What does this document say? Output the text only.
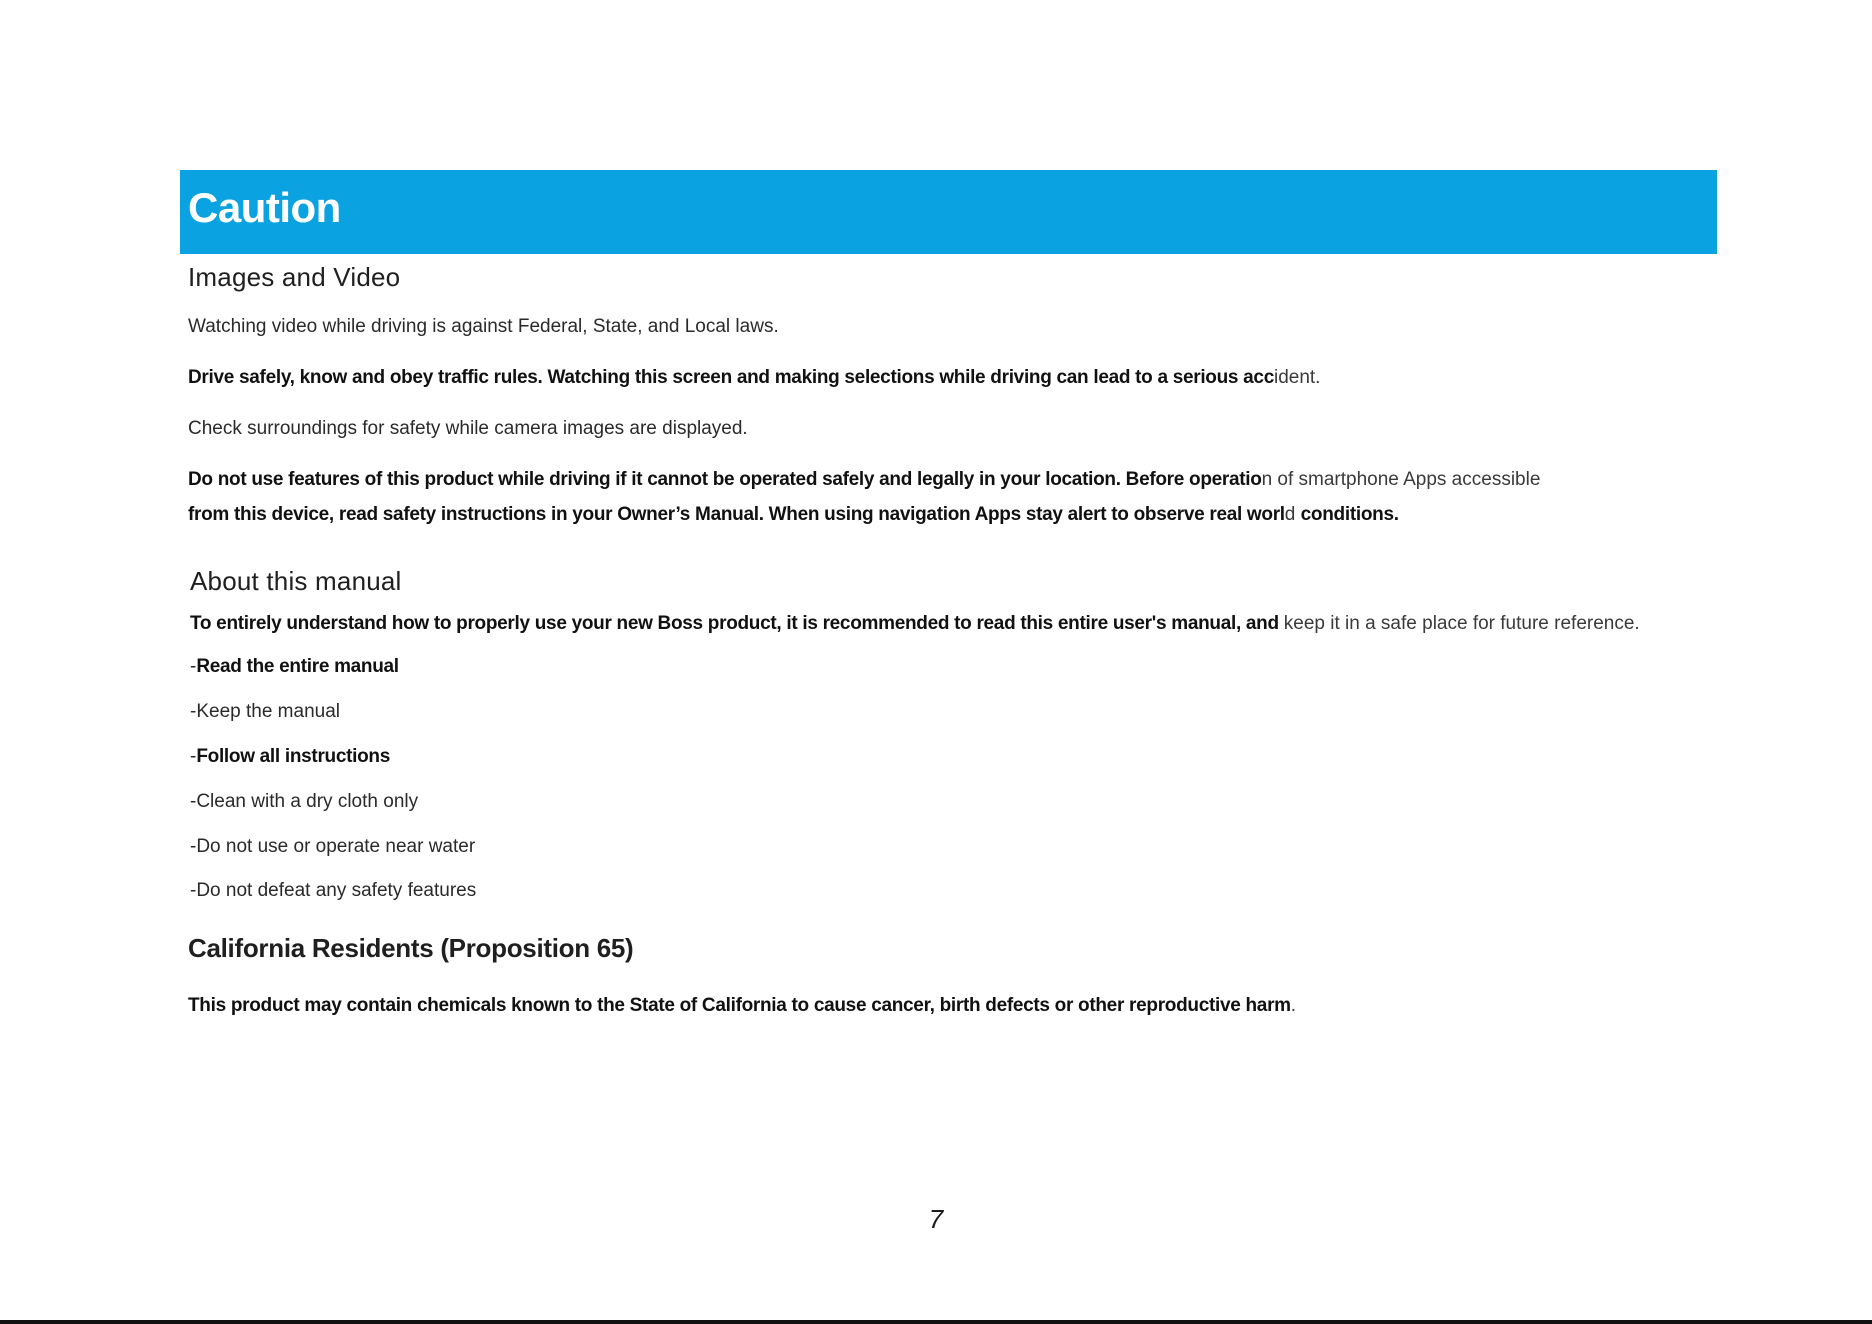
Caution
Images and Video

Watching video while driving is against Federal, State, and Local laws.

Drive safely, know and obey traffic rules. Watching this screen and making selections while driving can lead to a serious accident.

Check surroundings for safety while camera images are displayed.

Do not use features of this product while driving if it cannot be operated safely and legally in your location. Before operation of smartphone Apps accessible
from this device, read safety instructions in your Owner’s Manual. When using navigation Apps stay alert to observe real world conditions.

About this manual

To entirely understand how to properly use your new Boss product, it is recommended to read this entire user's manual, and keep it in a safe place for future reference.

-Read the entire manual

-Keep the manual

-Follow all instructions

-Clean with a dry cloth only

-Do not use or operate near water

-Do not defeat any safety features

California Residents (Proposition 65)

This product may contain chemicals known to the State of California to cause cancer, birth defects or other reproductive harm.

7
